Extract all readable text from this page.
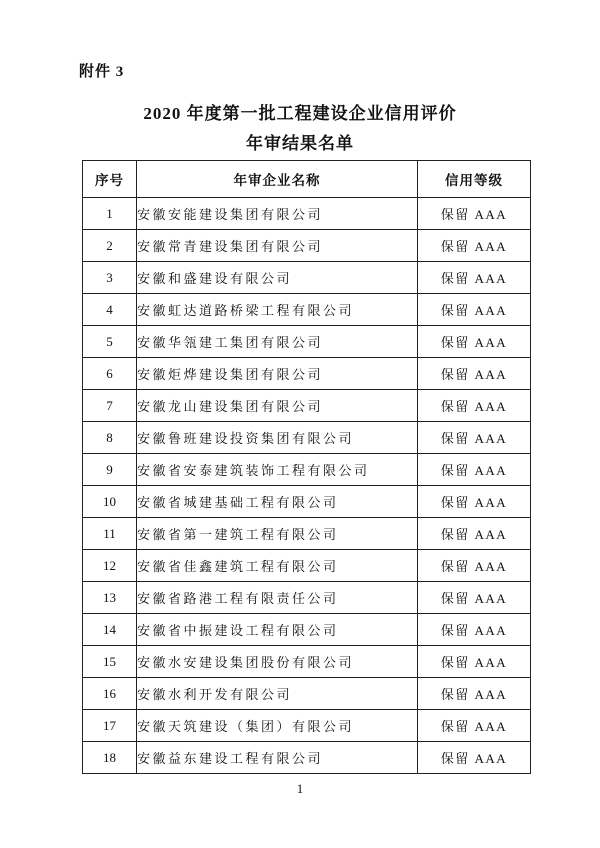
附件 3
2020 年度第一批工程建设企业信用评价
年审结果名单
序号	年审企业名称	信用等级
1	安徽安能建设集团有限公司	保留 AAA
2	安徽常青建设集团有限公司	保留 AAA
3	安徽和盛建设有限公司	保留 AAA
4	安徽虹达道路桥梁工程有限公司	保留 AAA
5	安徽华瓴建工集团有限公司	保留 AAA
6	安徽炬烨建设集团有限公司	保留 AAA
7	安徽龙山建设集团有限公司	保留 AAA
8	安徽鲁班建设投资集团有限公司	保留 AAA
9	安徽省安泰建筑装饰工程有限公司	保留 AAA
10	安徽省城建基础工程有限公司	保留 AAA
11	安徽省第一建筑工程有限公司	保留 AAA
12	安徽省佳鑫建筑工程有限公司	保留 AAA
13	安徽省路港工程有限责任公司	保留 AAA
14	安徽省中振建设工程有限公司	保留 AAA
15	安徽水安建设集团股份有限公司	保留 AAA
16	安徽水利开发有限公司	保留 AAA
17	安徽天筑建设（集团）有限公司	保留 AAA
18	安徽益东建设工程有限公司	保留 AAA
1
